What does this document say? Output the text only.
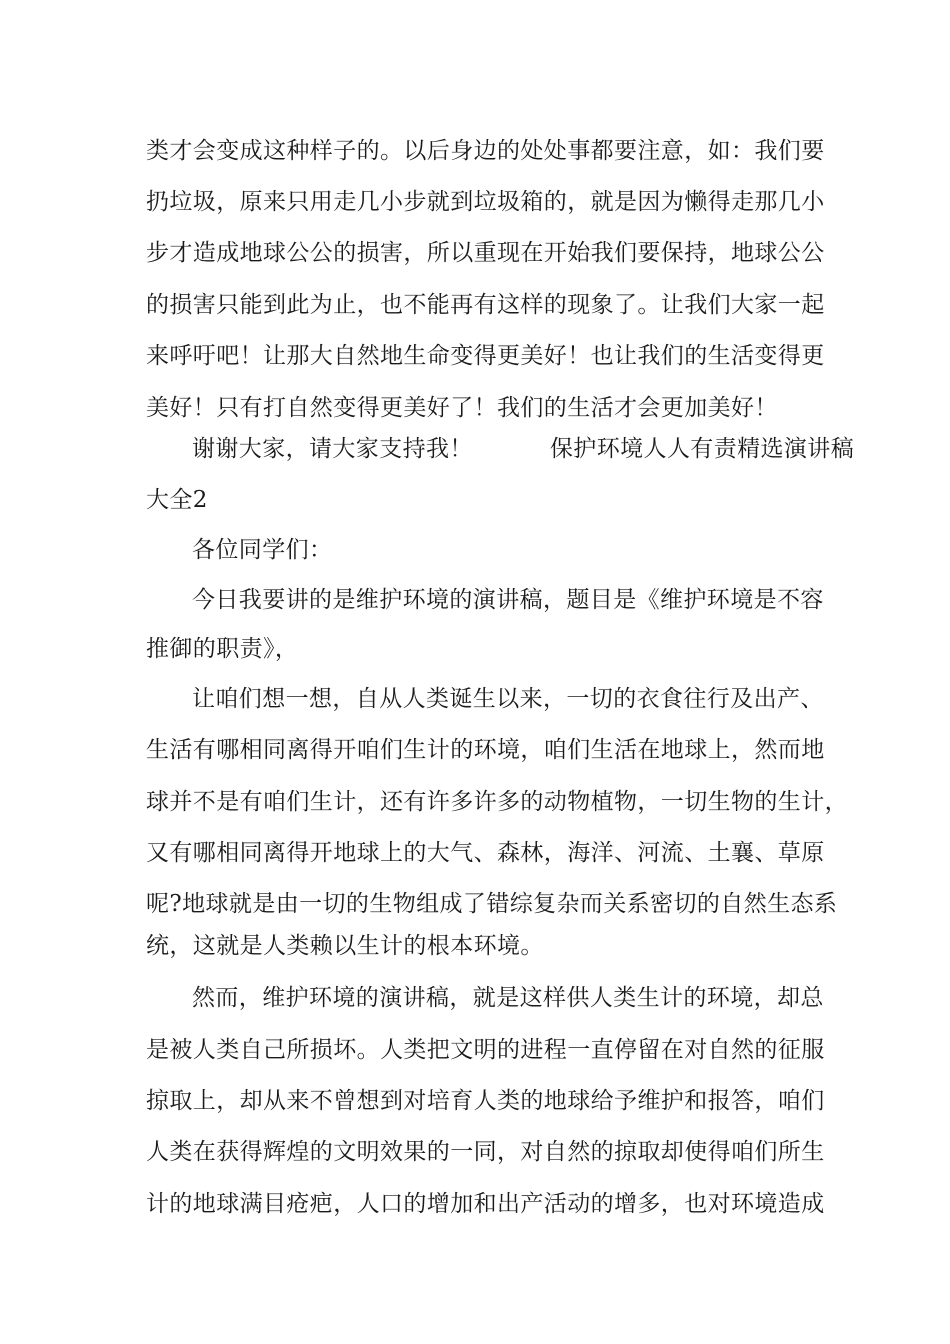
类才会变成这种样子的。以后身边的处处事都要注意，如：我们要
扔垃圾，原来只用走几小步就到垃圾箱的，就是因为懒得走那几小
步才造成地球公公的损害，所以重现在开始我们要保持，地球公公
的损害只能到此为止，也不能再有这样的现象了。让我们大家一起
来呼吁吧！让那大自然地生命变得更美好！也让我们的生活变得更
美好！只有打自然变得更美好了！我们的生活才会更加美好！
谢谢大家，请大家支持我！          保护环境人人有责精选演讲稿
大全2
各位同学们：
今日我要讲的是维护环境的演讲稿，题目是《维护环境是不容
推御的职责》，
让咱们想一想，自从人类诞生以来，一切的衣食往行及出产、
生活有哪相同离得开咱们生计的环境，咱们生活在地球上，然而地
球并不是有咱们生计，还有许多许多的动物植物，一切生物的生计，
又有哪相同离得开地球上的大气、森林，海洋、河流、土襄、草原
呢?地球就是由一切的生物组成了错综复杂而关系密切的自然生态系
统，这就是人类赖以生计的根本环境。
然而，维护环境的演讲稿，就是这样供人类生计的环境，却总
是被人类自己所损坏。人类把文明的进程一直停留在对自然的征服
掠取上，却从来不曾想到对培育人类的地球给予维护和报答，咱们
人类在获得辉煌的文明效果的一同，对自然的掠取却使得咱们所生
计的地球满目疮疤，人口的增加和出产活动的增多，也对环境造成
